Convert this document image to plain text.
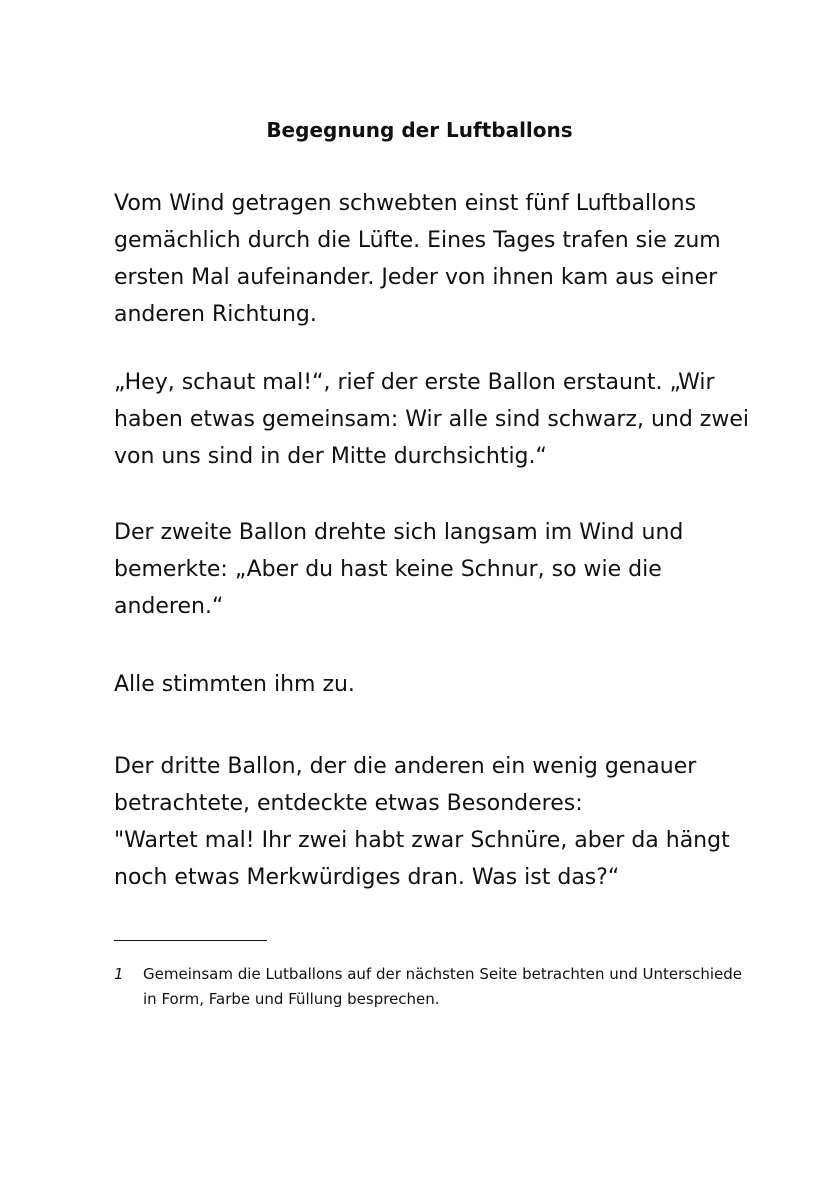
Begegnung der Luftballons

Vom Wind getragen schwebten einst fünf Luftballons
gemächlich durch die Lüfte. Eines Tages trafen sie zum
ersten Mal aufeinander. Jeder von ihnen kam aus einer
anderen Richtung.

„Hey, schaut mal!“, rief der erste Ballon erstaunt. „Wir
haben etwas gemeinsam: Wir alle sind schwarz, und zwei
von uns sind in der Mitte durchsichtig.“

Der zweite Ballon drehte sich langsam im Wind und
bemerkte: „Aber du hast keine Schnur, so wie die
anderen.“

Alle stimmten ihm zu.

Der dritte Ballon, der die anderen ein wenig genauer
betrachtete, entdeckte etwas Besonderes:
"Wartet mal! Ihr zwei habt zwar Schnüre, aber da hängt
noch etwas Merkwürdiges dran. Was ist das?“

1 Gemeinsam die Lutballons auf der nächsten Seite betrachten und Unterschiede
in Form, Farbe und Füllung besprechen.
